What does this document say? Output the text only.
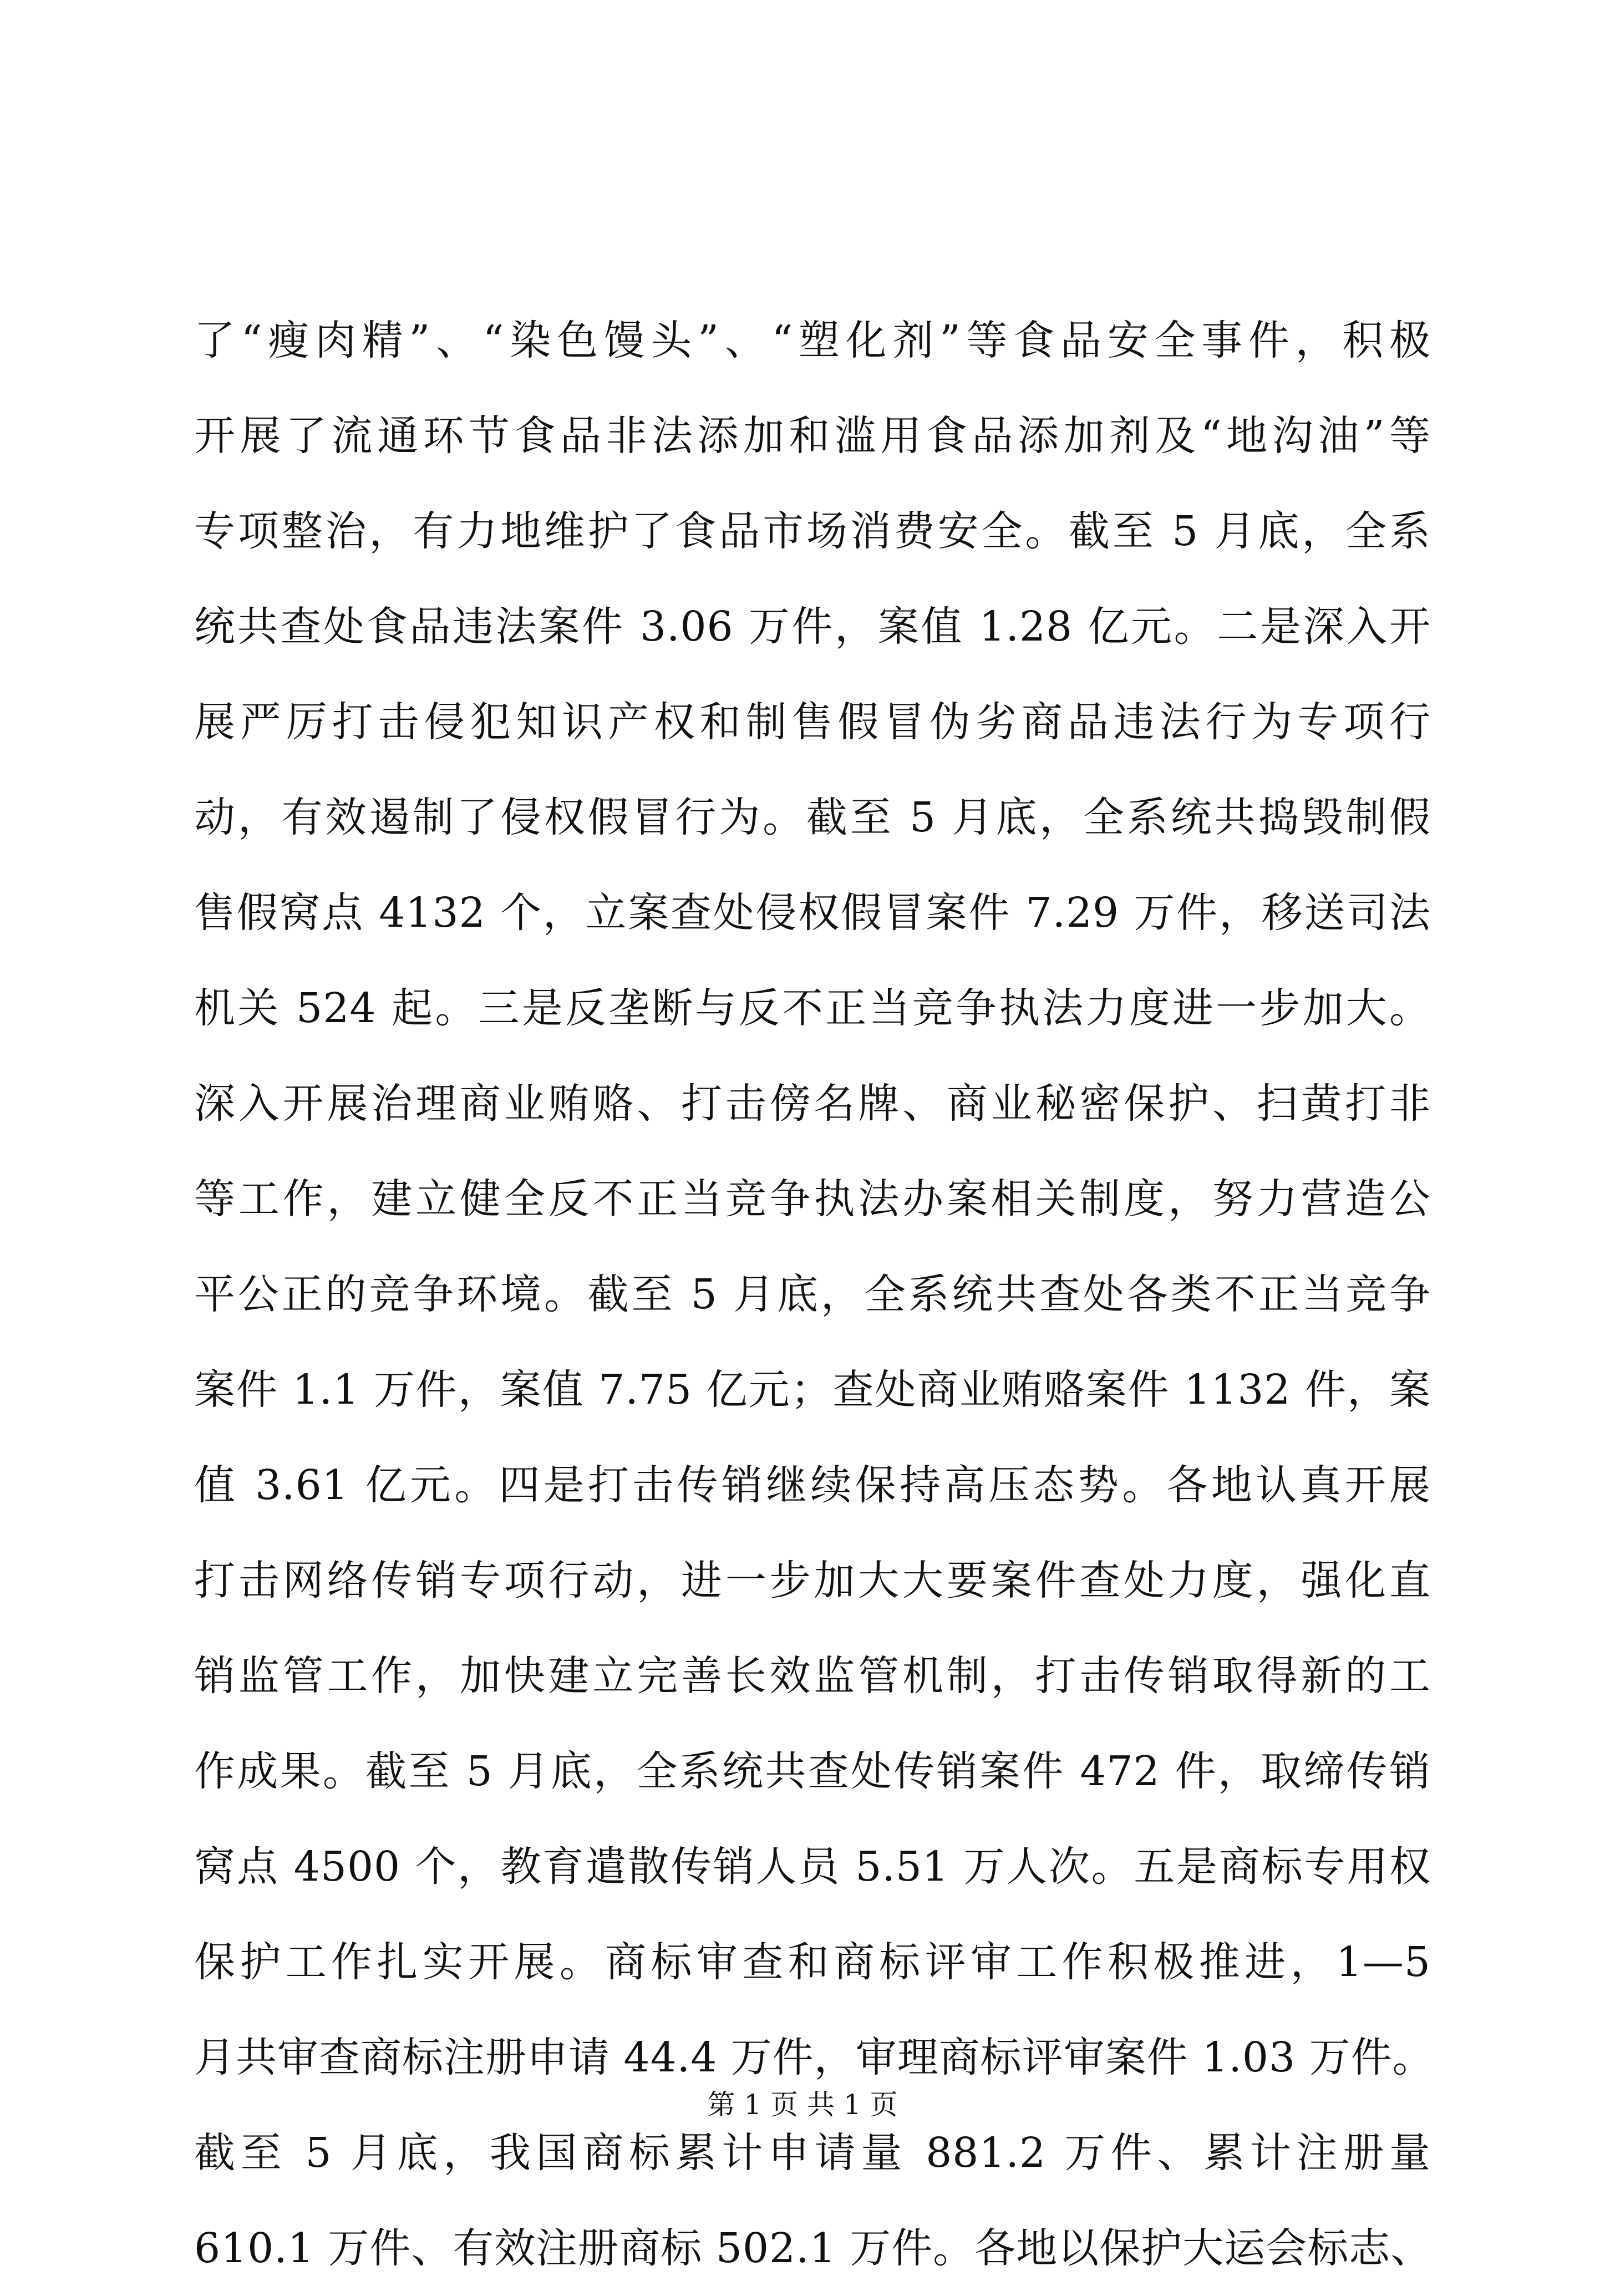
了“瘦肉精”、“染色馒头”、“塑化剂”等食品安全事件，积极
开展了流通环节食品非法添加和滥用食品添加剂及“地沟油”等
专项整治，有力地维护了食品市场消费安全。截至 5 月底，全系
统共查处食品违法案件 3.06 万件，案值 1.28 亿元。二是深入开
展严厉打击侵犯知识产权和制售假冒伪劣商品违法行为专项行
动，有效遏制了侵权假冒行为。截至 5 月底，全系统共捣毁制假
售假窝点 4132 个，立案查处侵权假冒案件 7.29 万件，移送司法
机关 524 起。三是反垄断与反不正当竞争执法力度进一步加大。
深入开展治理商业贿赂、打击傍名牌、商业秘密保护、扫黄打非
等工作，建立健全反不正当竞争执法办案相关制度，努力营造公
平公正的竞争环境。截至 5 月底，全系统共查处各类不正当竞争
案件 1.1 万件，案值 7.75 亿元；查处商业贿赂案件 1132 件，案
值 3.61 亿元。四是打击传销继续保持高压态势。各地认真开展
打击网络传销专项行动，进一步加大大要案件查处力度，强化直
销监管工作，加快建立完善长效监管机制，打击传销取得新的工
作成果。截至 5 月底，全系统共查处传销案件 472 件，取缔传销
窝点 4500 个，教育遣散传销人员 5.51 万人次。五是商标专用权
保护工作扎实开展。商标审查和商标评审工作积极推进，1—5
月共审查商标注册申请 44.4 万件，审理商标评审案件 1.03 万件。
截至 5 月底，我国商标累计申请量 881.2 万件、累计注册量
610.1 万件、有效注册商标 502.1 万件。各地以保护大运会标志、
第 1 页 共 1 页
